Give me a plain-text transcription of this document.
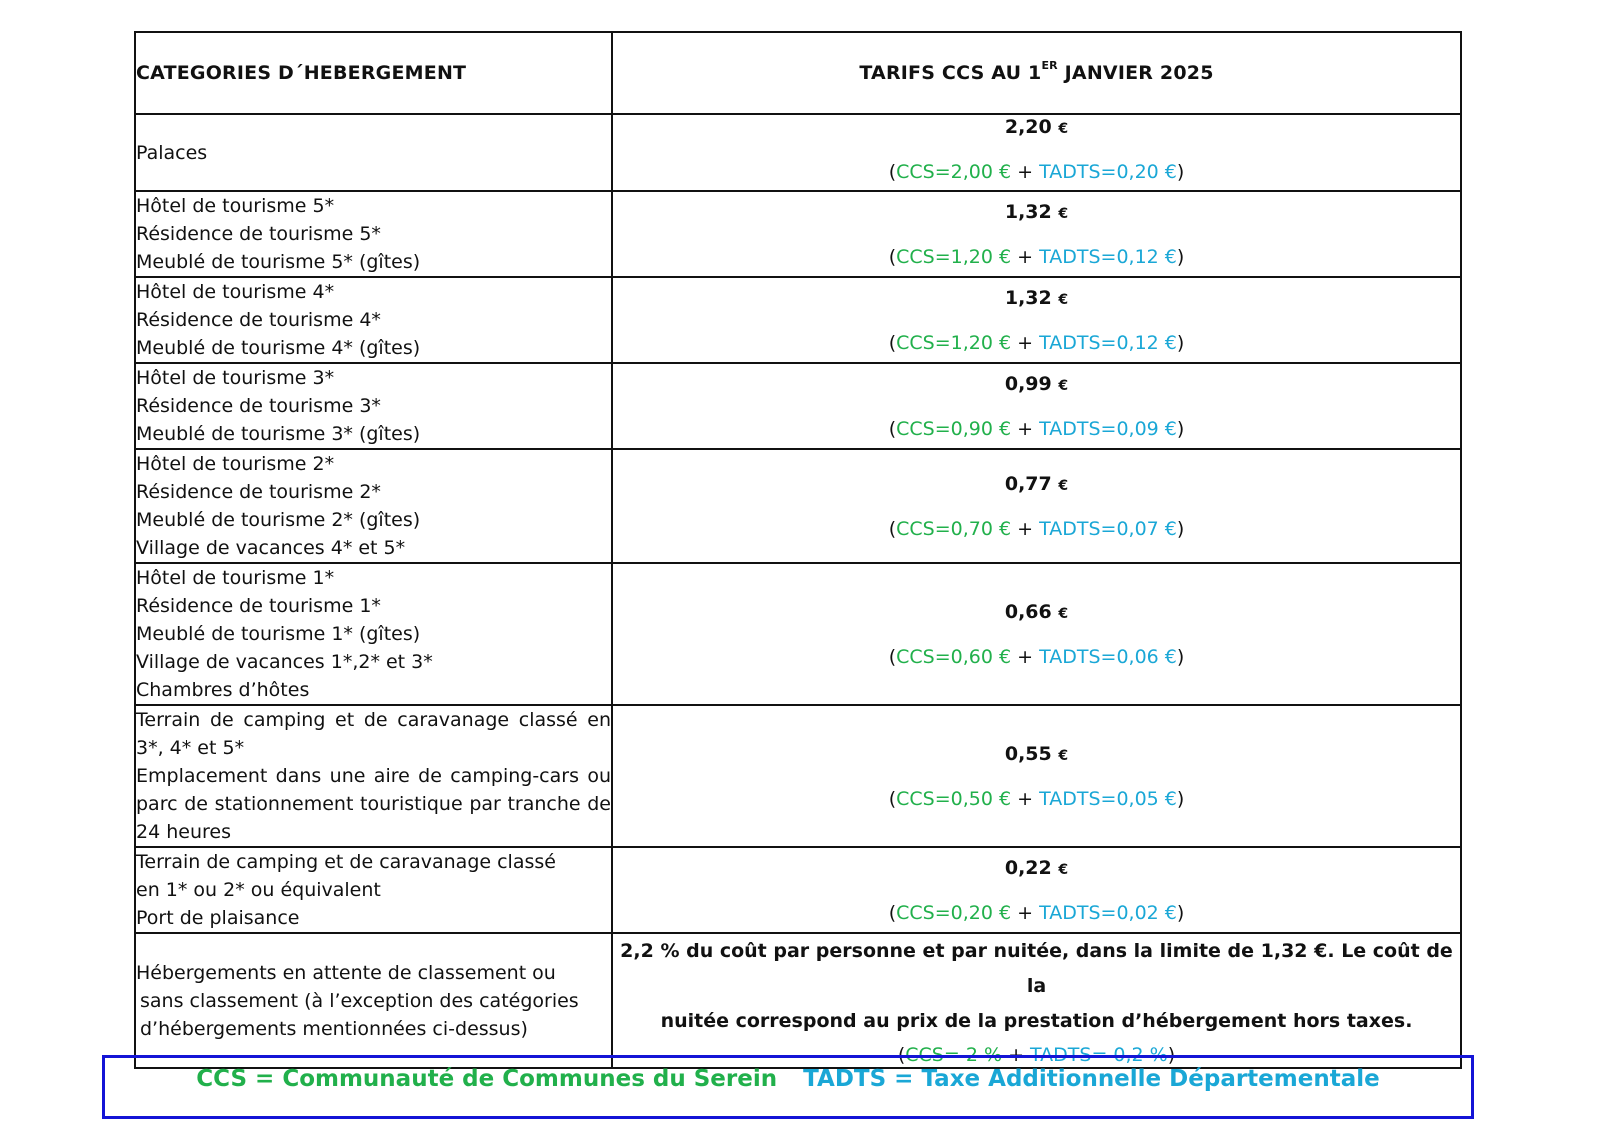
CATEGORIES D´HEBERGEMENT	TARIFS CCS AU 1ER JANVIER 2025

Palaces	2,20 €
(CCS=2,00 € + TADTS=0,20 €)

Hôtel de tourisme 5*
Résidence de tourisme 5*
Meublé de tourisme 5* (gîtes)	1,32 €
(CCS=1,20 € + TADTS=0,12 €)

Hôtel de tourisme 4*
Résidence de tourisme 4*
Meublé de tourisme 4* (gîtes)	1,32 €
(CCS=1,20 € + TADTS=0,12 €)

Hôtel de tourisme 3*
Résidence de tourisme 3*
Meublé de tourisme 3* (gîtes)	0,99 €
(CCS=0,90 € + TADTS=0,09 €)

Hôtel de tourisme 2*
Résidence de tourisme 2*
Meublé de tourisme 2* (gîtes)
Village de vacances 4* et 5*	0,77 €
(CCS=0,70 € + TADTS=0,07 €)

Hôtel de tourisme 1*
Résidence de tourisme 1*
Meublé de tourisme 1* (gîtes)
Village de vacances 1*,2* et 3*
Chambres d’hôtes	0,66 €
(CCS=0,60 € + TADTS=0,06 €)

Terrain de camping et de caravanage classé en 3*, 4* et 5*
Emplacement dans une aire de camping-cars ou parc de stationnement touristique par tranche de 24 heures	0,55 €
(CCS=0,50 € + TADTS=0,05 €)

Terrain de camping et de caravanage classé
en 1* ou 2* ou équivalent
Port de plaisance	0,22 €
(CCS=0,20 € + TADTS=0,02 €)

Hébergements en attente de classement ou
sans classement (à l’exception des catégories
d’hébergements mentionnées ci-dessus)	2,2 % du coût par personne et par nuitée, dans la limite de 1,32 €. Le coût de la
nuitée correspond au prix de la prestation d’hébergement hors taxes.
(CCS= 2 % + TADTS= 0,2 %)
CCS = Communauté de Communes du Serein TADTS = Taxe Additionnelle Départementale
